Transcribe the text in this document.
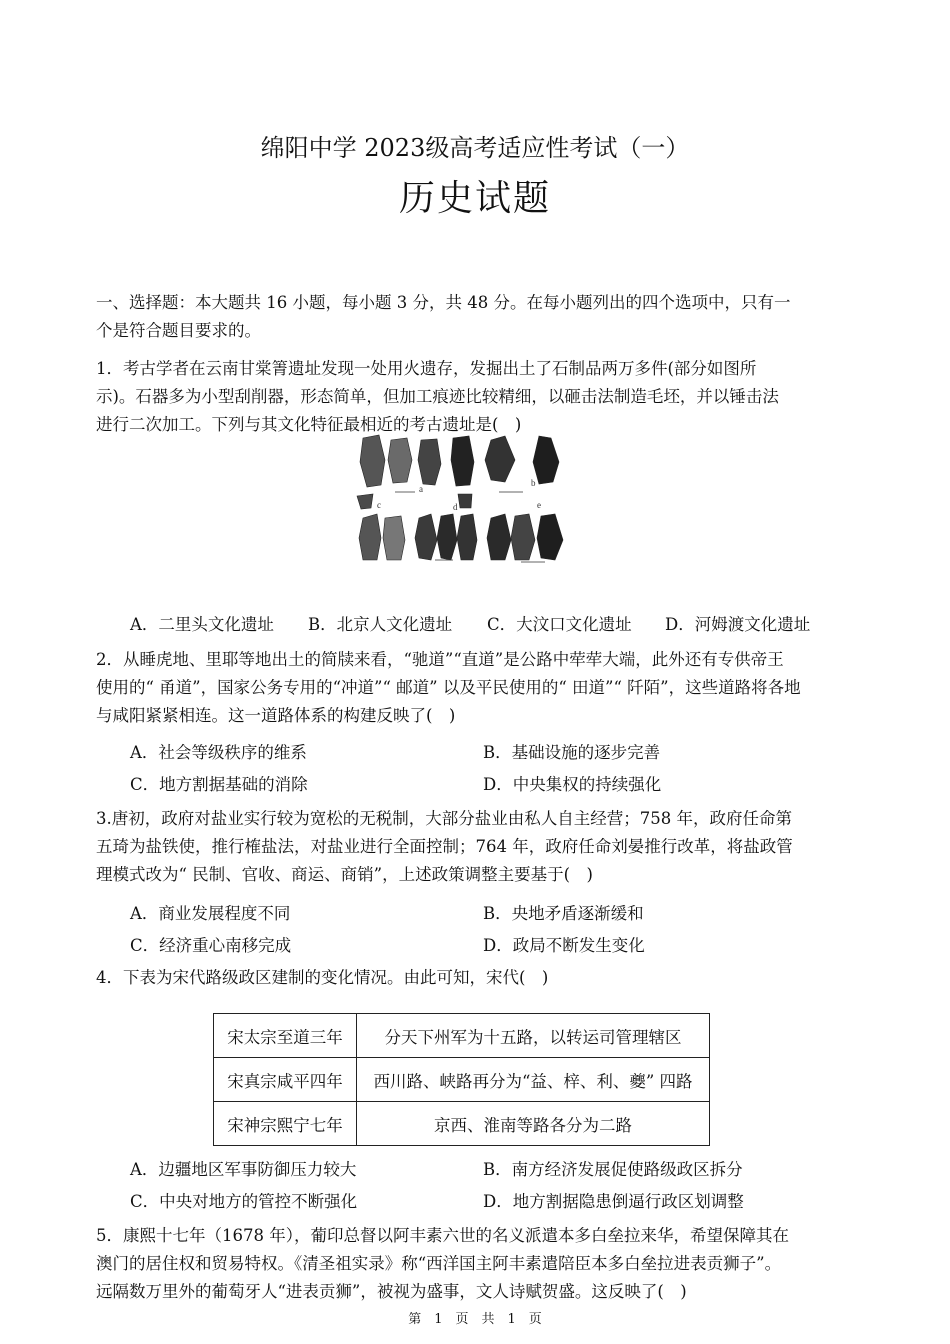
绵阳中学 2023级高考适应性考试（一）
历史试题
一、选择题：本大题共 16 小题，每小题 3 分，共 48 分。在每小题列出的四个选项中，只有一
个是符合题目要求的。
1．考古学者在云南甘棠箐遗址发现一处用火遗存，发掘出土了石制品两万多件(部分如图所
示)。石器多为小型刮削器，形态简单，但加工痕迹比较精细，以砸击法制造毛坯，并以锤击法
进行二次加工。下列与其文化特征最相近的考古遗址是(　)
a
b
c	d	e
A．二里头文化遗址 B．北京人文化遗址 C．大汶口文化遗址 D．河姆渡文化遗址
2．从睡虎地、里耶等地出土的简牍来看，“驰道”“直道”是公路中荦荦大端，此外还有专供帝王
使用的“ 甬道”，国家公务专用的“冲道”“ 邮道” 以及平民使用的“ 田道”“ 阡陌”，这些道路将各地
与咸阳紧紧相连。这一道路体系的构建反映了(　)
A．社会等级秩序的维系	B．基础设施的逐步完善
C．地方割据基础的消除	D．中央集权的持续强化
3.唐初，政府对盐业实行较为宽松的无税制，大部分盐业由私人自主经营；758 年，政府任命第
五琦为盐铁使，推行榷盐法，对盐业进行全面控制；764 年，政府任命刘晏推行改革，将盐政管
理模式改为“ 民制、官收、商运、商销”，上述政策调整主要基于(　)
A．商业发展程度不同	B．央地矛盾逐渐缓和
C．经济重心南移完成	D．政局不断发生变化
4．下表为宋代路级政区建制的变化情况。由此可知，宋代(　)
宋太宗至道三年	分天下州军为十五路，以转运司管理辖区
宋真宗咸平四年	西川路、峡路再分为“益、梓、利、夔” 四路
宋神宗熙宁七年	京西、淮南等路各分为二路
A．边疆地区军事防御压力较大	B．南方经济发展促使路级政区拆分
C．中央对地方的管控不断强化	D．地方割据隐患倒逼行政区划调整
5．康熙十七年（1678 年），葡印总督以阿丰素六世的名义派遣本多白垒拉来华，希望保障其在
澳门的居住权和贸易特权。《清圣祖实录》称“西洋国主阿丰素遣陪臣本多白垒拉进表贡狮子”。
远隔数万里外的葡萄牙人“进表贡狮”，被视为盛事，文人诗赋贺盛。这反映了(　)
第　1　页　共　1　页
